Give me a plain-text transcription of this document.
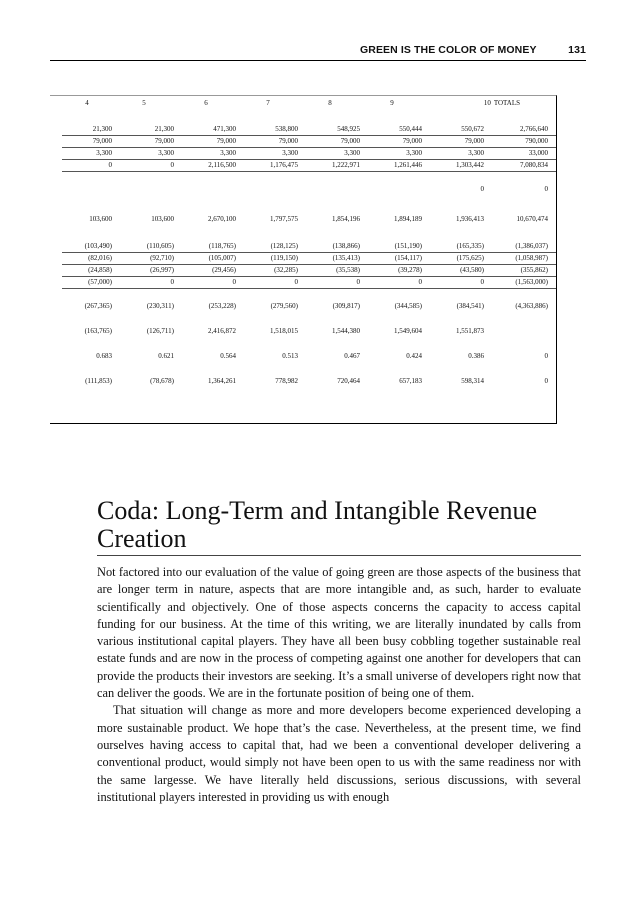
GREEN IS THE COLOR OF MONEY	131
	4	5	6	7	8	9	10 TOTALS		

	21,300	21,300	471,300	538,800	548,925	550,444	550,672	2,766,640	
	79,000	79,000	79,000	79,000	79,000	79,000	79,000	790,000	
	3,300	3,300	3,300	3,300	3,300	3,300	3,300	33,000	
	0	0	2,116,500	1,176,475	1,222,971	1,261,446	1,303,442	7,080,834	

							0	0	

	103,600	103,600	2,670,100	1,797,575	1,854,196	1,894,189	1,936,413	10,670,474	

	(103,490)	(110,605)	(118,765)	(128,125)	(138,866)	(151,190)	(165,335)	(1,386,037)	
	(82,016)	(92,710)	(105,007)	(119,150)	(135,413)	(154,117)	(175,625)	(1,058,987)	
	(24,858)	(26,997)	(29,456)	(32,285)	(35,538)	(39,278)	(43,580)	(355,862)	
	(57,000)	0	0	0	0	0	0	(1,563,000)	

	(267,365)	(230,311)	(253,228)	(279,560)	(309,817)	(344,585)	(384,541)	(4,363,886)	

	(163,765)	(126,711)	2,416,872	1,518,015	1,544,380	1,549,604	1,551,873		

	0.683	0.621	0.564	0.513	0.467	0.424	0.386	0	

	(111,853)	(78,678)	1,364,261	778,982	720,464	657,183	598,314	0	
Coda: Long-Term and Intangible Revenue Creation

Not factored into our evaluation of the value of going green are those aspects of the business that are longer term in nature, aspects that are more intangible and, as such, harder to evaluate scientifically and objectively. One of those aspects concerns the capacity to access capital funding for our business. At the time of this writing, we are literally inundated by calls from various institutional capital players. They have all been busy cobbling together sustainable real estate funds and are now in the process of competing against one another for developers that can provide the products their investors are seeking. It’s a small universe of developers right now that can deliver the goods. We are in the fortunate position of being one of them.

That situation will change as more and more developers become experienced developing a more sustainable product. We hope that’s the case. Nevertheless, at the present time, we find ourselves having access to capital that, had we been a conventional developer delivering a conventional product, would simply not have been open to us with the same readiness nor with the same largesse. We have literally held discussions, serious discussions, with several institutional players interested in providing us with enough
